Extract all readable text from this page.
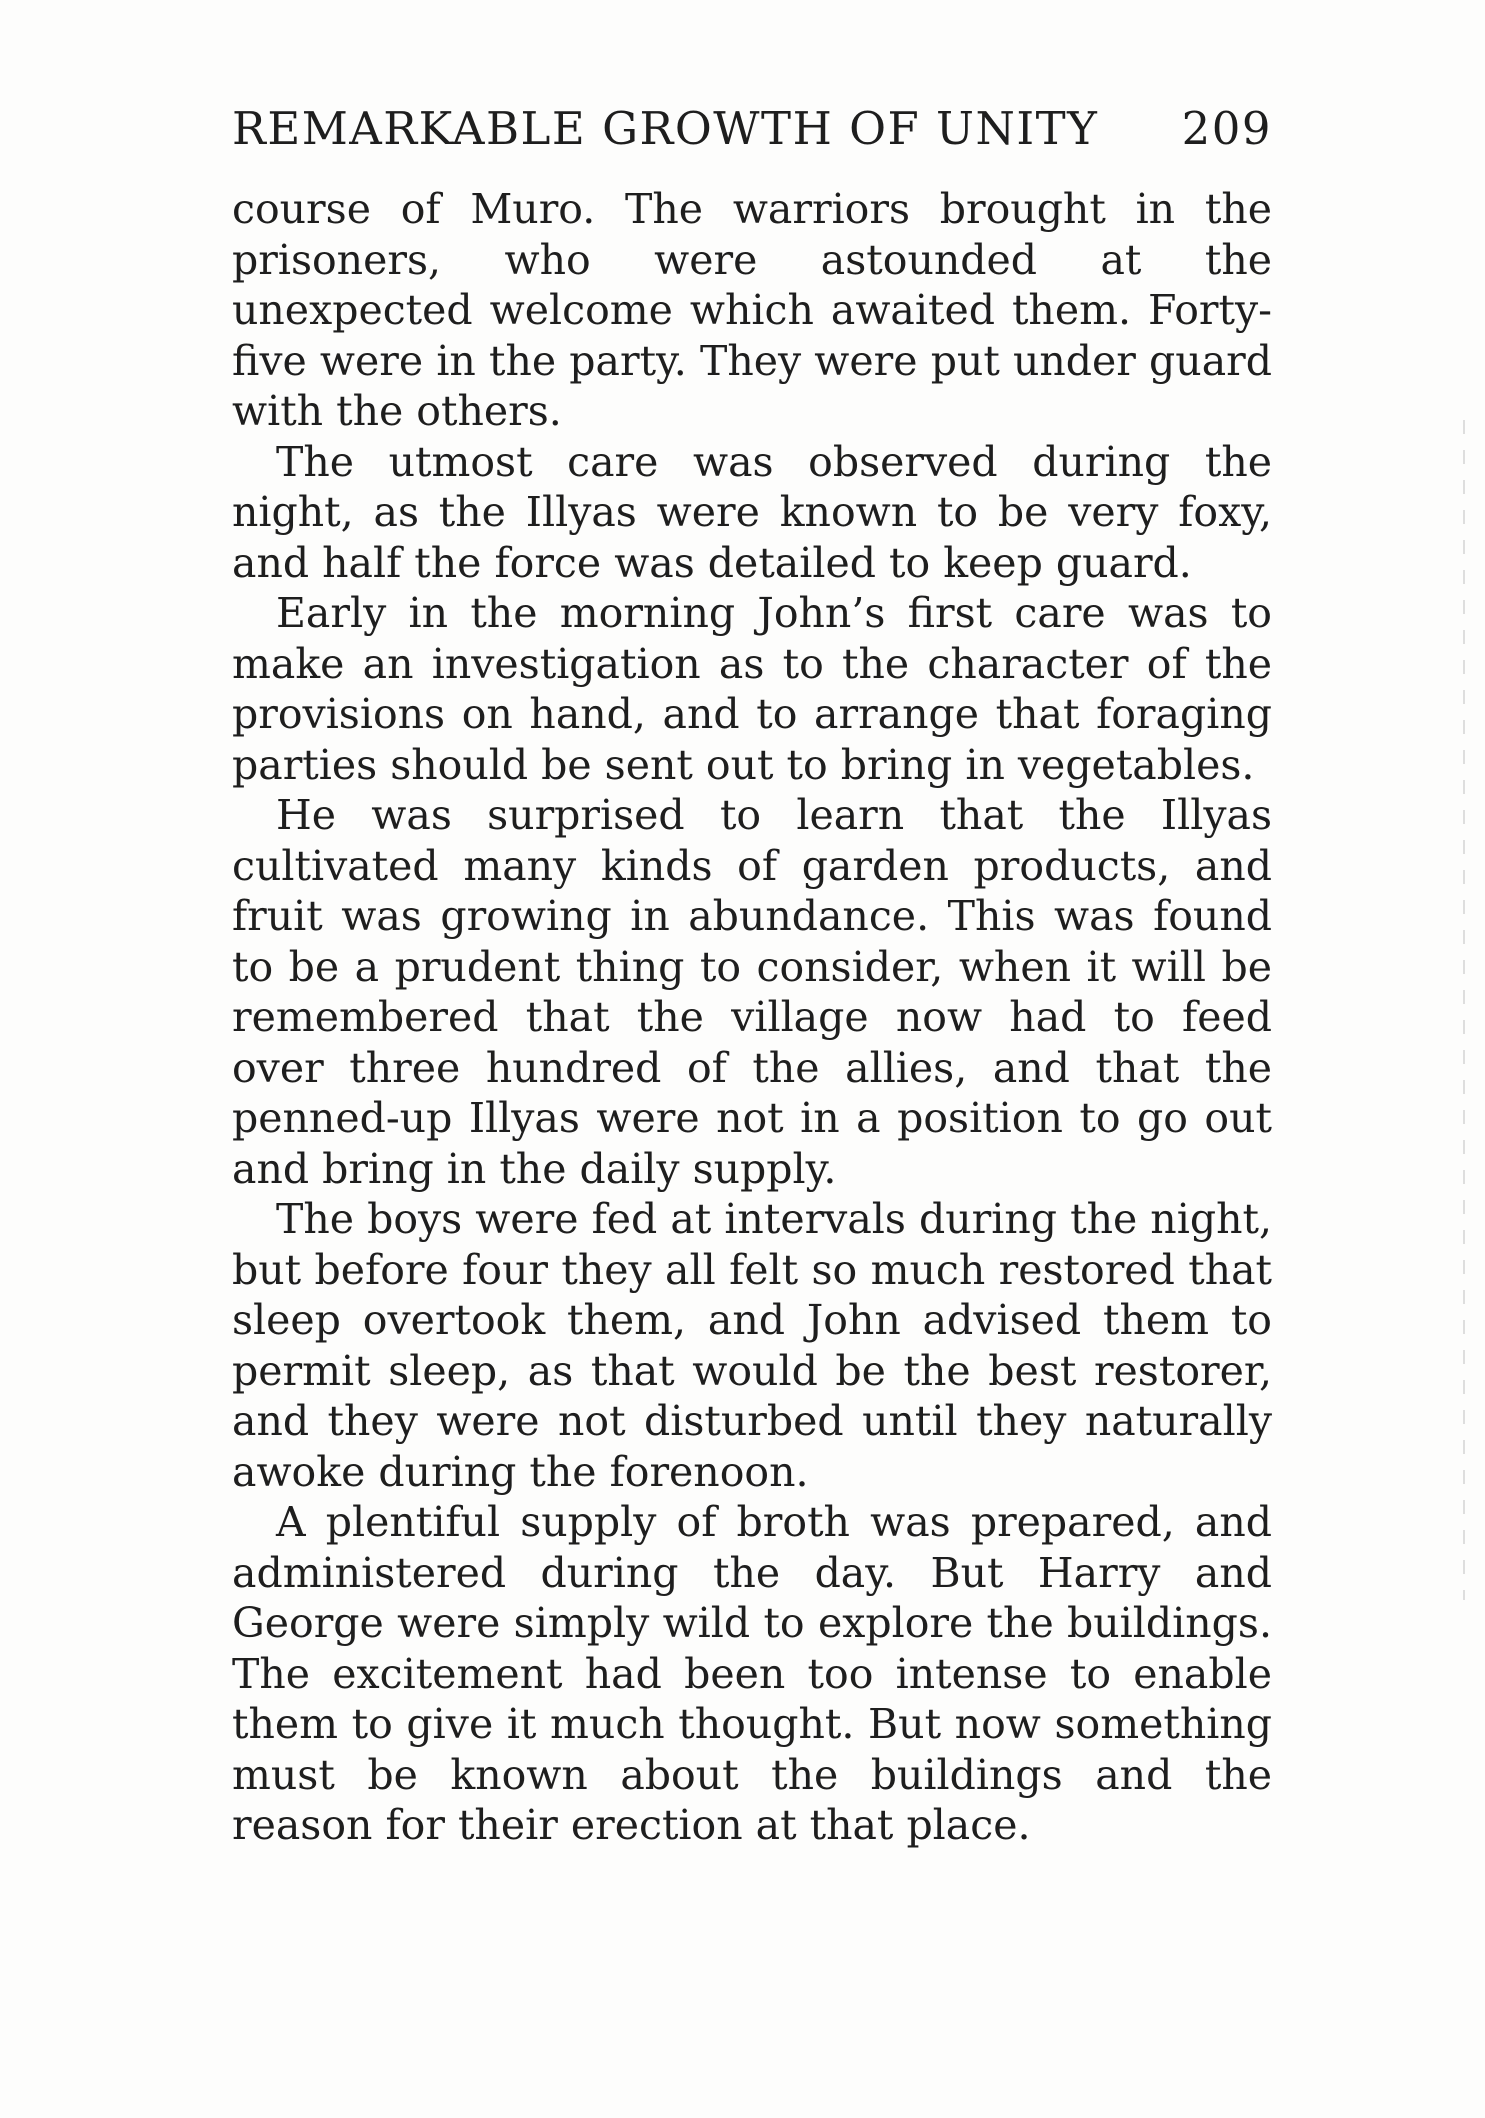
REMARKABLE GROWTH OF UNITY 209

course of Muro. The warriors brought in the prisoners, who were astounded at the unexpected welcome which awaited them. Forty-five were in the party. They were put under guard with the others.

The utmost care was observed during the night, as the Illyas were known to be very foxy, and half the force was detailed to keep guard.

Early in the morning John’s first care was to make an investigation as to the character of the provisions on hand, and to arrange that foraging parties should be sent out to bring in vegetables.

He was surprised to learn that the Illyas cultivated many kinds of garden products, and fruit was growing in abundance. This was found to be a prudent thing to consider, when it will be remembered that the village now had to feed over three hundred of the allies, and that the penned-up Illyas were not in a position to go out and bring in the daily supply.

The boys were fed at intervals during the night, but before four they all felt so much restored that sleep overtook them, and John advised them to permit sleep, as that would be the best restorer, and they were not disturbed until they naturally awoke during the forenoon.

A plentiful supply of broth was prepared, and administered during the day. But Harry and George were simply wild to explore the buildings. The excitement had been too intense to enable them to give it much thought. But now something must be known about the buildings and the reason for their erection at that place.
